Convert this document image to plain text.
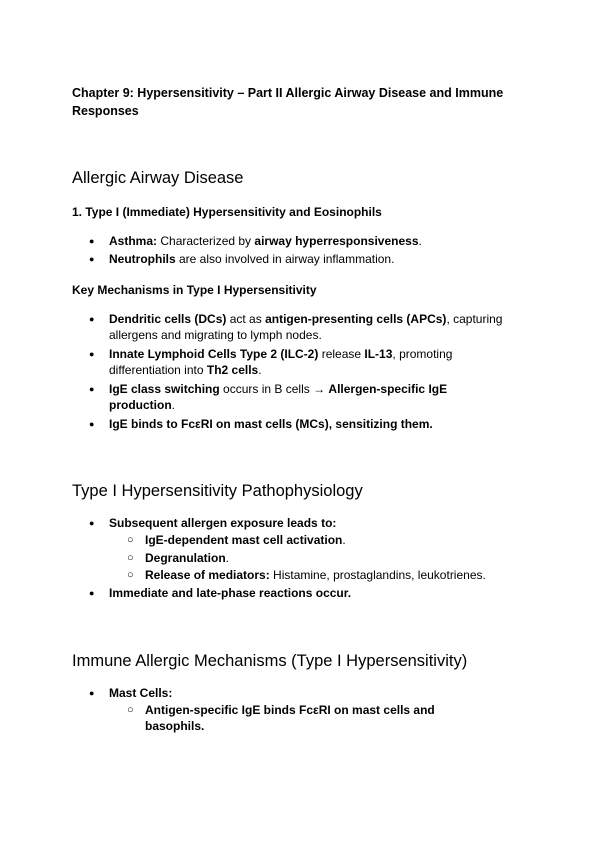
Chapter 9: Hypersensitivity – Part II Allergic Airway Disease and Immune Responses
Allergic Airway Disease
1. Type I (Immediate) Hypersensitivity and Eosinophils
● Asthma: Characterized by airway hyperresponsiveness.
● Neutrophils are also involved in airway inflammation.
Key Mechanisms in Type I Hypersensitivity
● Dendritic cells (DCs) act as antigen-presenting cells (APCs), capturing allergens and migrating to lymph nodes.
● Innate Lymphoid Cells Type 2 (ILC-2) release IL-13, promoting differentiation into Th2 cells.
● IgE class switching occurs in B cells → Allergen-specific IgE production.
● IgE binds to FcεRI on mast cells (MCs), sensitizing them.
Type I Hypersensitivity Pathophysiology
● Subsequent allergen exposure leads to:
○ IgE-dependent mast cell activation.
○ Degranulation.
○ Release of mediators: Histamine, prostaglandins, leukotrienes.
● Immediate and late-phase reactions occur.
Immune Allergic Mechanisms (Type I Hypersensitivity)
● Mast Cells:
○ Antigen-specific IgE binds FcεRI on mast cells and basophils.
